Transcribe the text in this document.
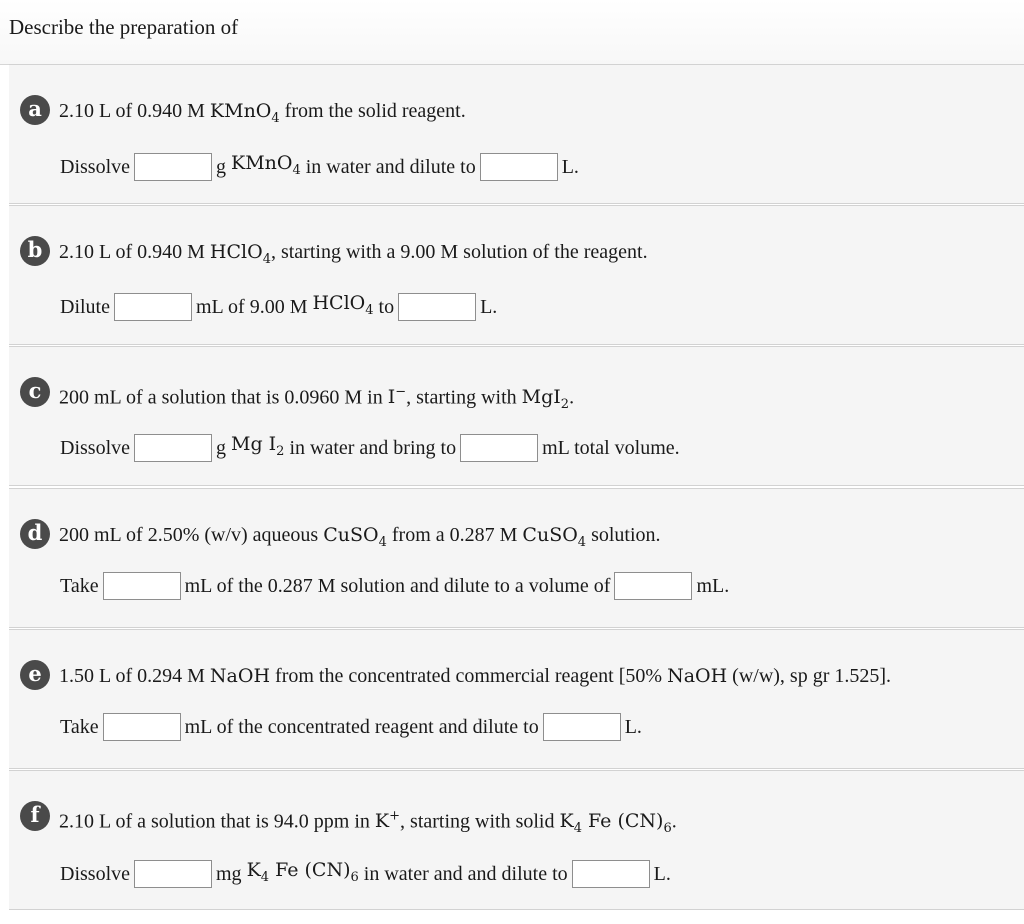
Describe the preparation of
a 2.10 L of 0.940 M KMnO$_4$ from the solid reagent.
Dissolve	g
KMnO$_4$
in water and dilute to	L.
b 2.10 L of 0.940 M HClO$_4$, starting with a 9.00 M solution of the reagent.
Dilute	mL of 9.00 M
HClO$_4$
to	L.
c 200 mL of a solution that is 0.0960 M in I−, starting with MgI$_2$.
Dissolve	g
Mg $I_2$
in water and bring to	mL total volume.
d 200 mL of 2.50% (w/v) aqueous CuSO$_4$ from a 0.287 M CuSO$_4$ solution.
Take	mL of the 0.287 M solution and dilute to a volume of	mL.
e 1.50 L of 0.294 M NaOH from the concentrated commercial reagent [50% NaOH (w/w), sp gr 1.525].
Take	mL of the concentrated reagent and dilute to	L.
f 2.10 L of a solution that is 94.0 ppm in K+, starting with solid $K_4$ Fe $(CN)_6$.
Dissolve	mg
$K_4$ Fe $(CN)_6$
in water and and dilute to	L.
